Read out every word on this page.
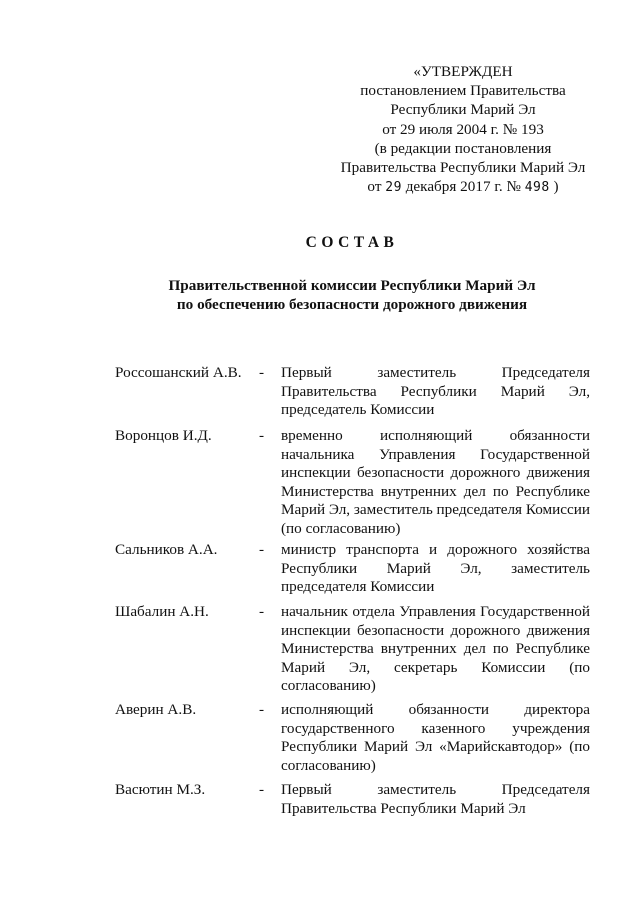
«УТВЕРЖДЕН
постановлением Правительства
Республики Марий Эл
от 29 июля 2004 г. № 193
(в редакции постановления
Правительства Республики Марий Эл
от 29 декабря 2017 г. № 498 )
СОСТАВ
Правительственной комиссии Республики Марий Эл
по обеспечению безопасности дорожного движения
Россошанский А.В. - Первый заместитель Председателя Правительства Республики Марий Эл, председатель Комиссии
Воронцов И.Д.	- временно исполняющий обязанности начальника Управления Государственной инспекции безопасности дорожного движения Министерства внутренних дел по Республике Марий Эл, заместитель председателя Комиссии (по согласованию)
Сальников А.А.	- министр транспорта и дорожного хозяйства Республики Марий Эл, заместитель председателя Комиссии
Шабалин А.Н.	- начальник отдела Управления Государственной инспекции безопасности дорожного движения Министерства внутренних дел по Республике Марий Эл, секретарь Комиссии (по согласованию)
Аверин А.В.	- исполняющий обязанности директора государственного казенного учреждения Республики Марий Эл «Марийскавтодор» (по согласованию)
Васютин М.З.	- Первый заместитель Председателя Правительства Республики Марий Эл
